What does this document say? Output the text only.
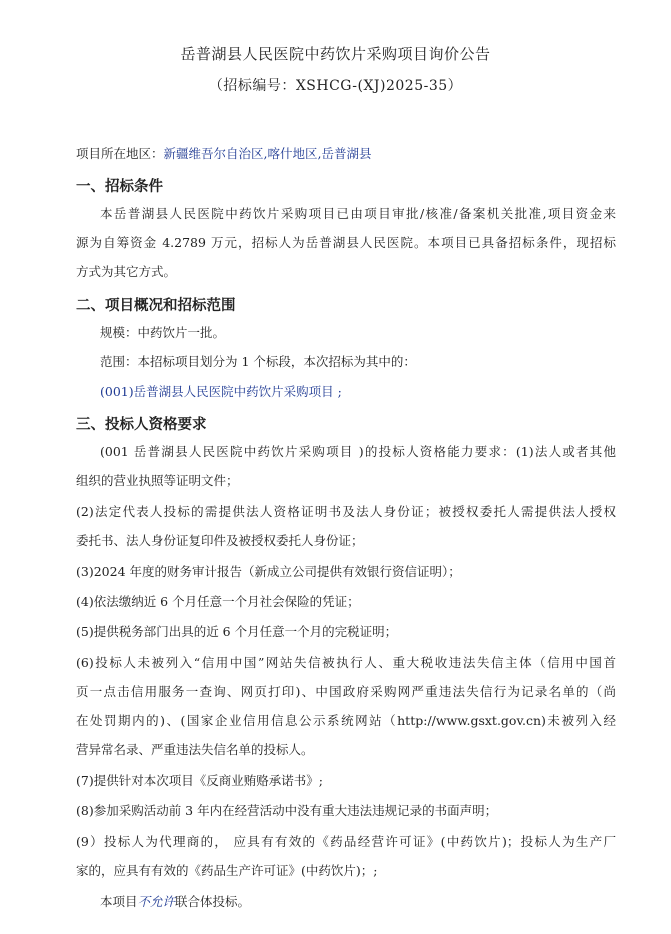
岳普湖县人民医院中药饮片采购项目询价公告
（招标编号：XSHCG-(XJ)2025-35）
项目所在地区：新疆维吾尔自治区,喀什地区,岳普湖县
一、招标条件
本岳普湖县人民医院中药饮片采购项目已由项目审批/核准/备案机关批准,项目资金来
源为自筹资金 4.2789 万元，招标人为岳普湖县人民医院。本项目已具备招标条件，现招标
方式为其它方式。
二、项目概况和招标范围
规模：中药饮片一批。
范围：本招标项目划分为 1 个标段，本次招标为其中的：
(001)岳普湖县人民医院中药饮片采购项目 ;
三、投标人资格要求
(001 岳普湖县人民医院中药饮片采购项目 )的投标人资格能力要求：(1)法人或者其他
组织的营业执照等证明文件；
(2)法定代表人投标的需提供法人资格证明书及法人身份证；被授权委托人需提供法人授权
委托书、法人身份证复印件及被授权委托人身份证；
(3)2024 年度的财务审计报告（新成立公司提供有效银行资信证明）；
(4)依法缴纳近 6 个月任意一个月社会保险的凭证；
(5)提供税务部门出具的近 6 个月任意一个月的完税证明；
(6)投标人未被列入“信用中国”网站失信被执行人、重大税收违法失信主体（信用中国首
页一点击信用服务一查询、网页打印)、中国政府采购网严重违法失信行为记录名单的（尚
在处罚期内的)、(国家企业信用信息公示系统网站（http://www.gsxt.gov.cn)未被列入经
营异常名录、严重违法失信名单的投标人。
(7)提供针对本次项目《反商业贿赂承诺书》;
(8)参加采购活动前 3 年内在经营活动中没有重大违法违规记录的书面声明；
(9）投标人为代理商的， 应具有有效的《药品经营许可证》(中药饮片)；投标人为生产厂
家的，应具有有效的《药品生产许可证》(中药饮片)；;
本项目不允许联合体投标。
